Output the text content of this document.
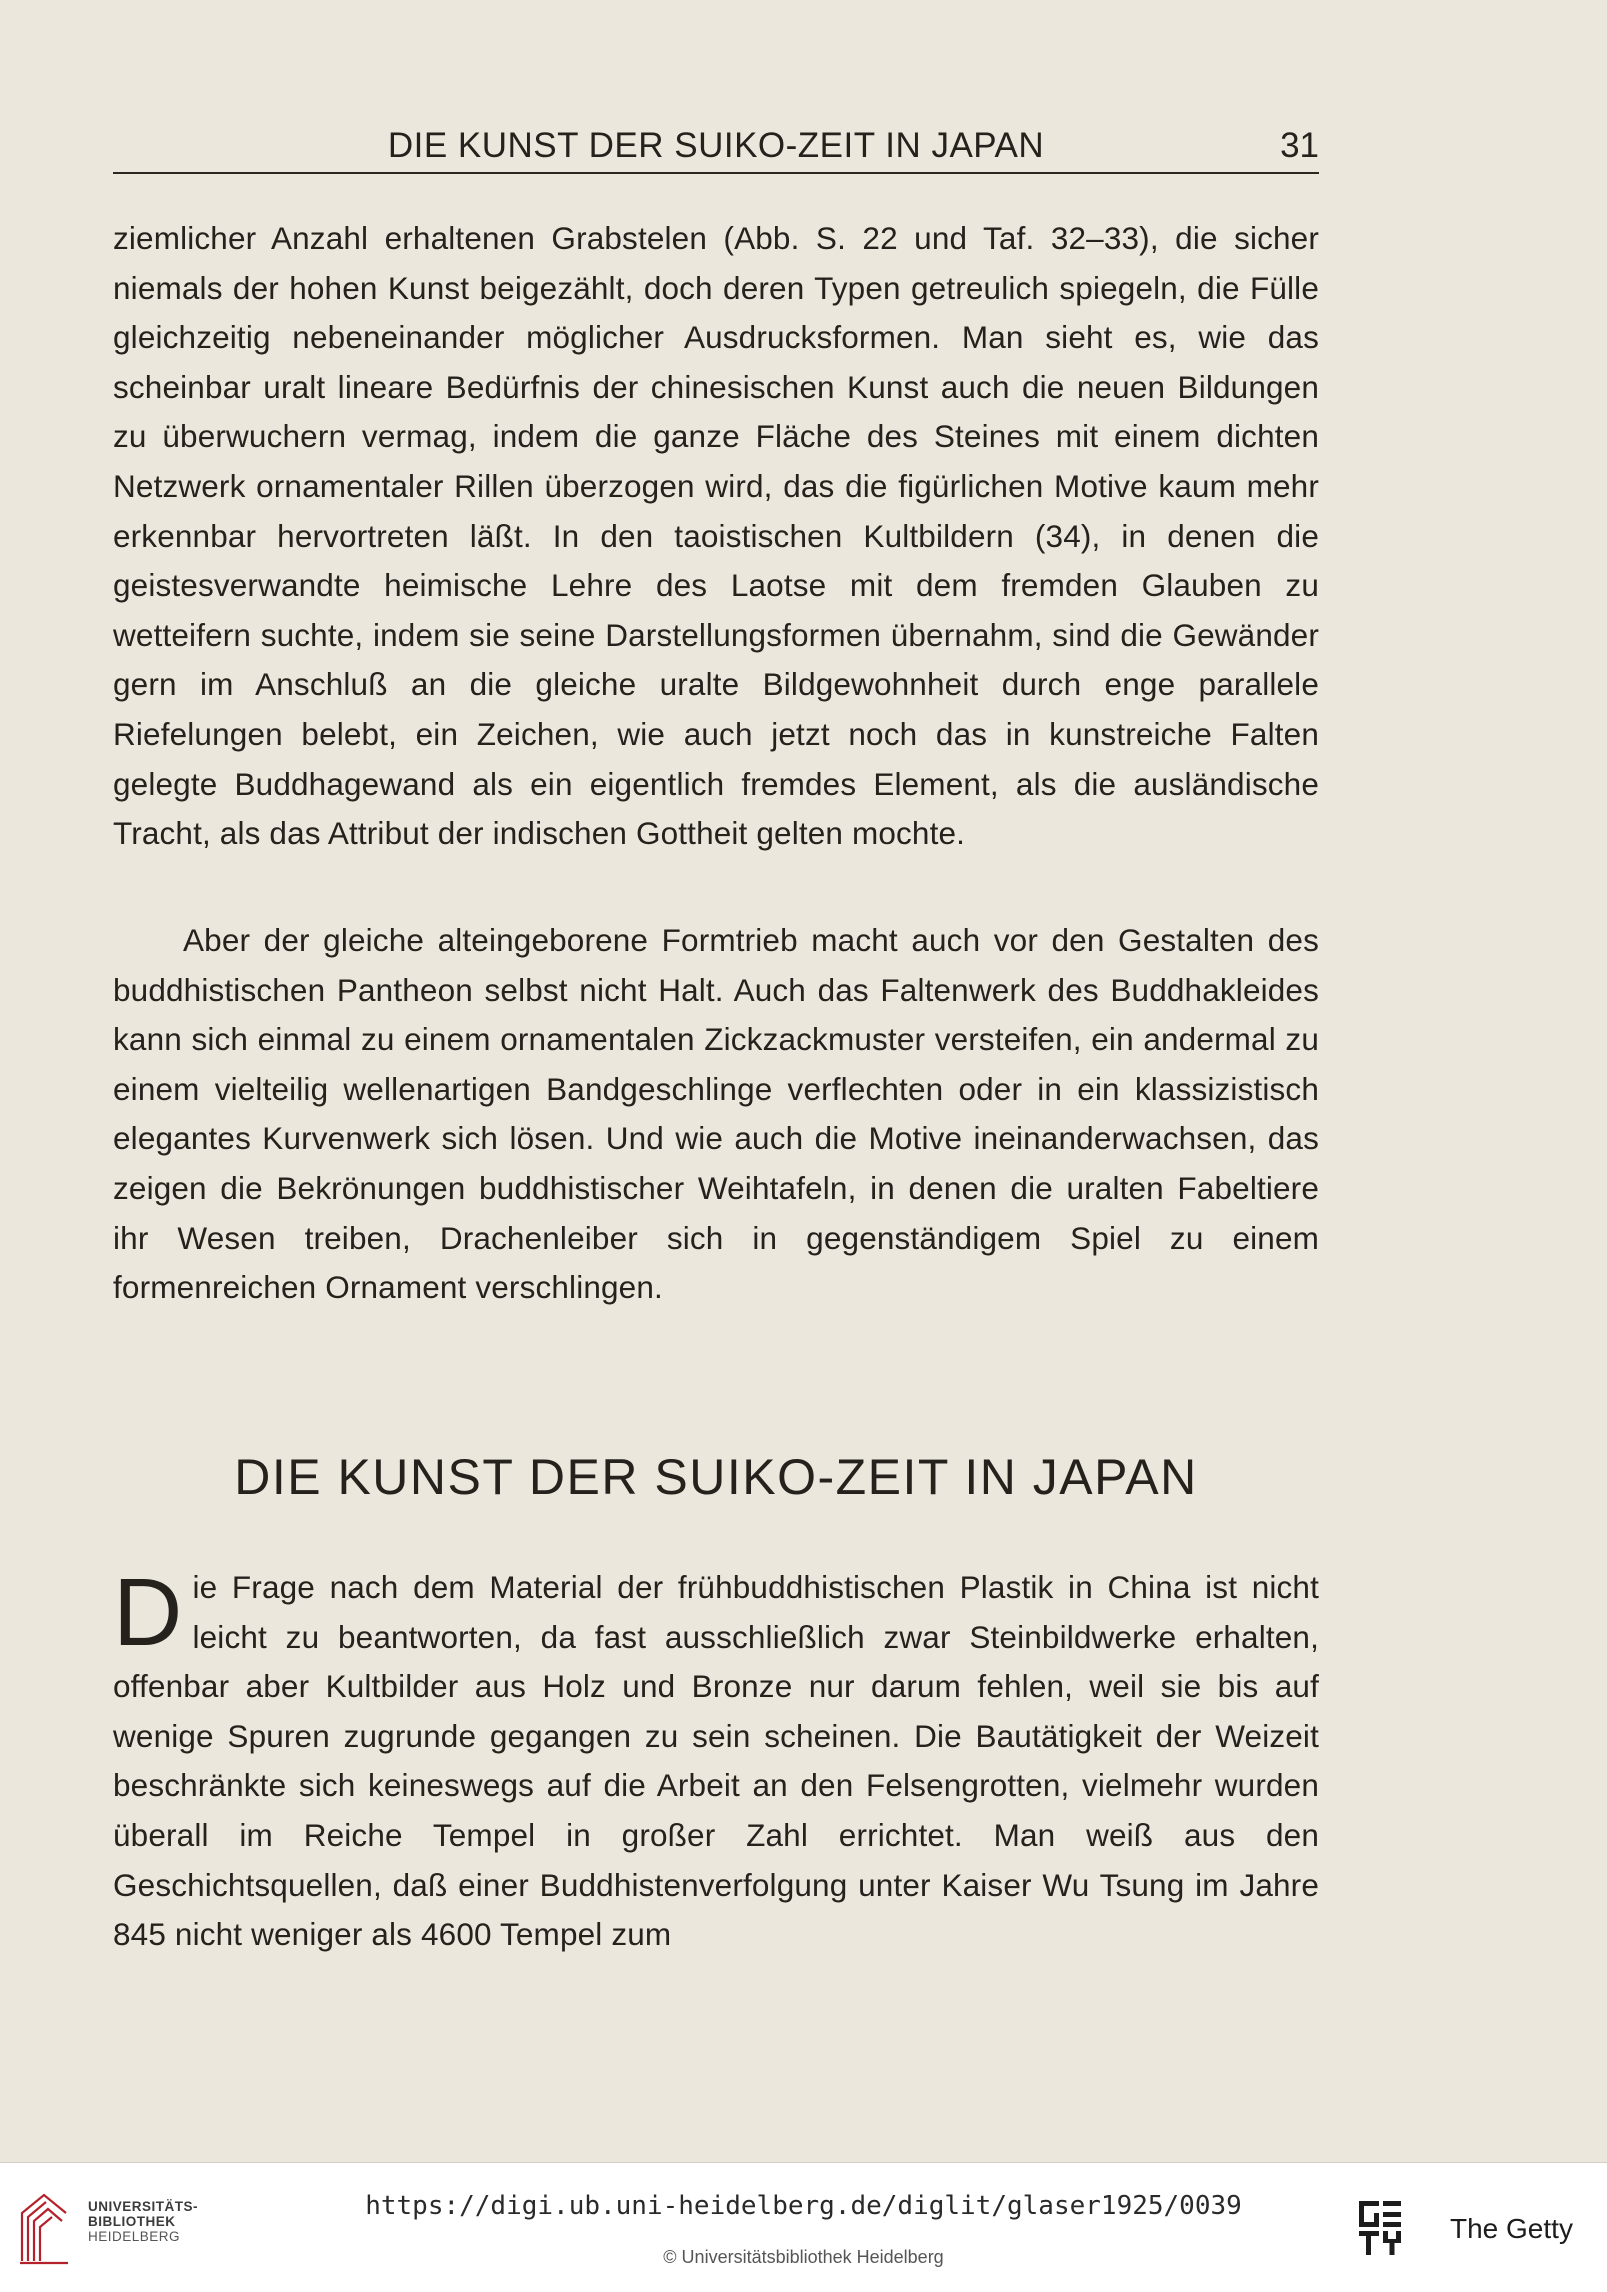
DIE KUNST DER SUIKO-ZEIT IN JAPAN	31

ziemlicher Anzahl erhaltenen Grabstelen (Abb. S. 22 und Taf. 32–33), die sicher niemals der hohen Kunst beigezählt, doch deren Typen getreulich spiegeln, die Fülle gleichzeitig nebeneinander möglicher Ausdrucksformen. Man sieht es, wie das scheinbar uralt lineare Bedürfnis der chinesischen Kunst auch die neuen Bildungen zu überwuchern vermag, indem die ganze Fläche des Steines mit einem dichten Netzwerk ornamentaler Rillen überzogen wird, das die figürlichen Motive kaum mehr erkennbar hervortreten läßt. In den taoistischen Kultbildern (34), in denen die geistesverwandte heimische Lehre des Laotse mit dem fremden Glauben zu wetteifern suchte, indem sie seine Darstellungsformen übernahm, sind die Gewänder gern im Anschluß an die gleiche uralte Bildgewohnheit durch enge parallele Riefelungen belebt, ein Zeichen, wie auch jetzt noch das in kunstreiche Falten gelegte Buddhagewand als ein eigentlich fremdes Element, als die ausländische Tracht, als das Attribut der indischen Gottheit gelten mochte.

Aber der gleiche alteingeborene Formtrieb macht auch vor den Gestalten des buddhistischen Pantheon selbst nicht Halt. Auch das Faltenwerk des Buddhakleides kann sich einmal zu einem ornamentalen Zickzackmuster versteifen, ein andermal zu einem vielteilig wellenartigen Bandgeschlinge verflechten oder in ein klassizistisch elegantes Kurvenwerk sich lösen. Und wie auch die Motive ineinanderwachsen, das zeigen die Bekrönungen buddhistischer Weihtafeln, in denen die uralten Fabeltiere ihr Wesen treiben, Drachenleiber sich in gegenständigem Spiel zu einem formenreichen Ornament verschlingen.

DIE KUNST DER SUIKO-ZEIT IN JAPAN
D ie Frage nach dem Material der frühbuddhistischen Plastik in China ist nicht leicht zu beantworten, da fast ausschließlich zwar Steinbildwerke erhalten, offenbar aber Kultbilder aus Holz und Bronze nur darum fehlen, weil sie bis auf wenige Spuren zugrunde gegangen zu sein scheinen. Die Bautätigkeit der Weizeit beschränkte sich keineswegs auf die Arbeit an den Felsengrotten, vielmehr wurden überall im Reiche Tempel in großer Zahl errichtet. Man weiß aus den Geschichtsquellen, daß einer Buddhistenverfolgung unter Kaiser Wu Tsung im Jahre 845 nicht weniger als 4600 Tempel zum

UNIVERSITÄTS-
BIBLIOTHEK
HEIDELBERG
https://digi.ub.uni-heidelberg.de/diglit/glaser1925/0039
© Universitätsbibliothek Heidelberg
The Getty
